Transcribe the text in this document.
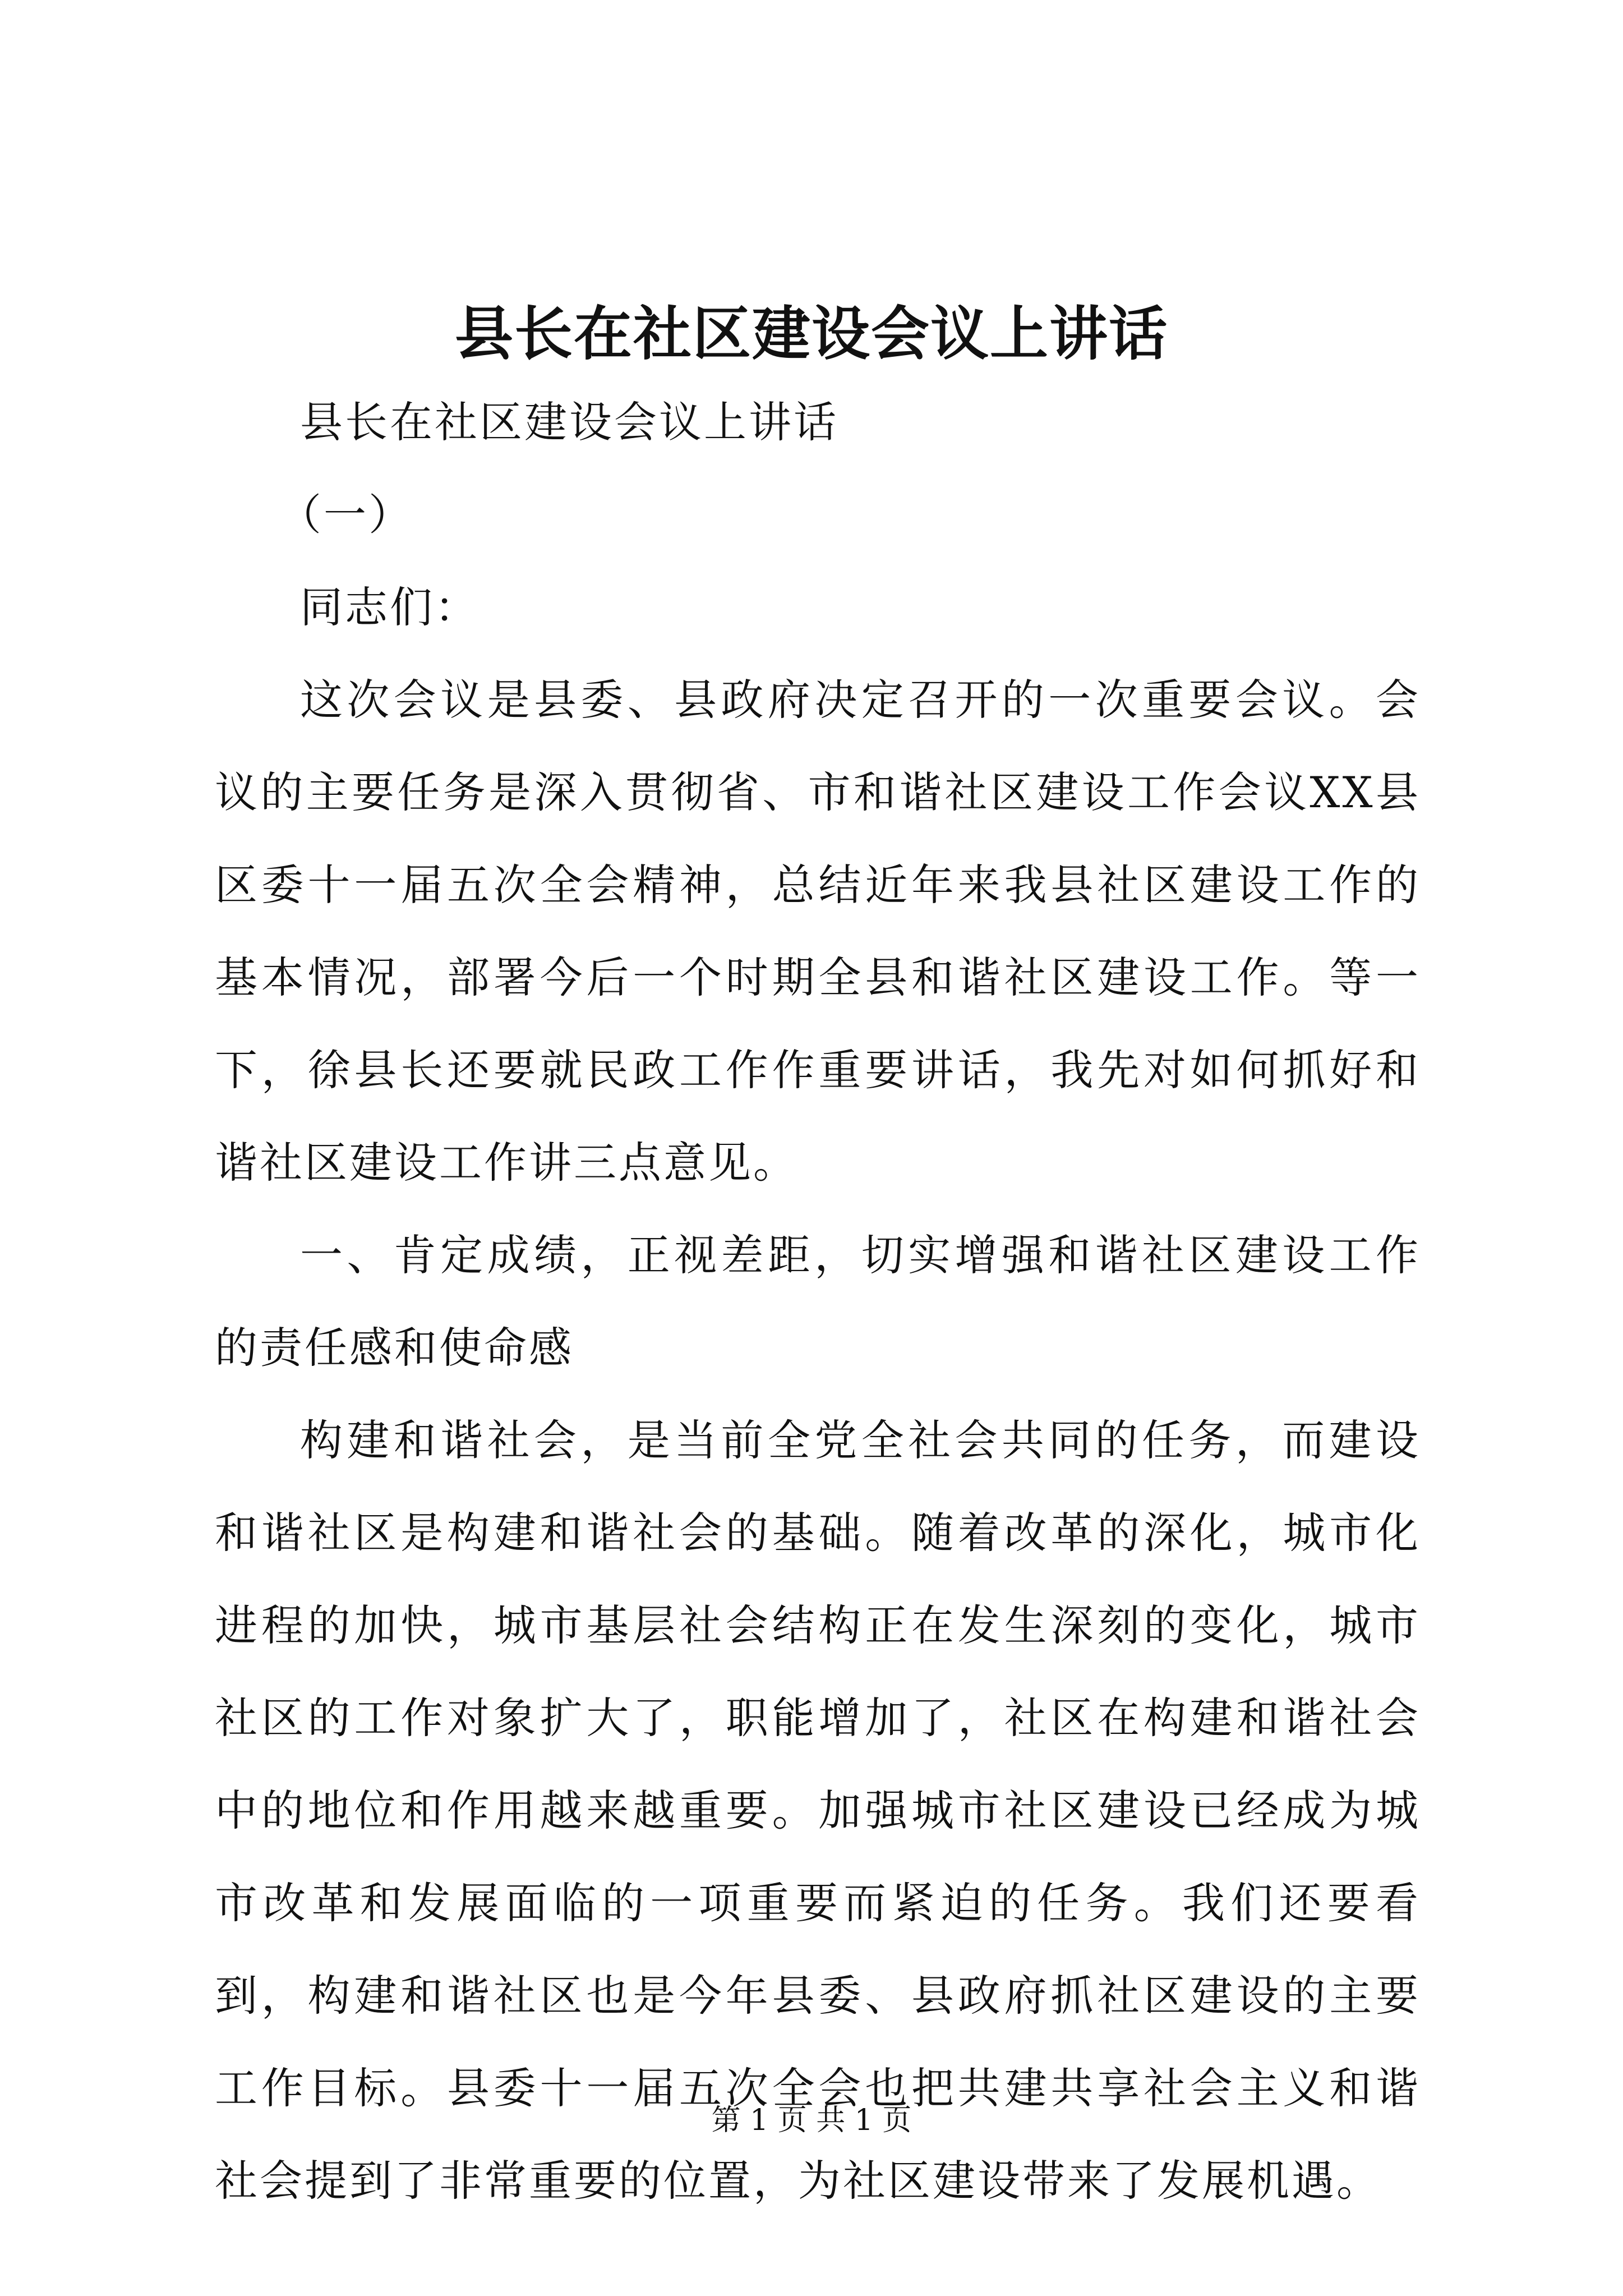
县长在社区建设会议上讲话

县长在社区建设会议上讲话

（一）

同志们：

这次会议是县委、县政府决定召开的一次重要会议。会议的主要任务是深入贯彻省、市和谐社区建设工作会议XX县区委十一届五次全会精神，总结近年来我县社区建设工作的基本情况，部署今后一个时期全县和谐社区建设工作。等一下，徐县长还要就民政工作作重要讲话，我先对如何抓好和谐社区建设工作讲三点意见。

一、肯定成绩，正视差距，切实增强和谐社区建设工作的责任感和使命感

构建和谐社会，是当前全党全社会共同的任务，而建设和谐社区是构建和谐社会的基础。随着改革的深化，城市化进程的加快，城市基层社会结构正在发生深刻的变化，城市社区的工作对象扩大了，职能增加了，社区在构建和谐社会中的地位和作用越来越重要。加强城市社区建设已经成为城市改革和发展面临的一项重要而紧迫的任务。我们还要看到，构建和谐社区也是今年县委、县政府抓社区建设的主要工作目标。县委十一届五次全会也把共建共享社会主义和谐社会提到了非常重要的位置，为社区建设带来了发展机遇。

第 1 页 共 1 页
